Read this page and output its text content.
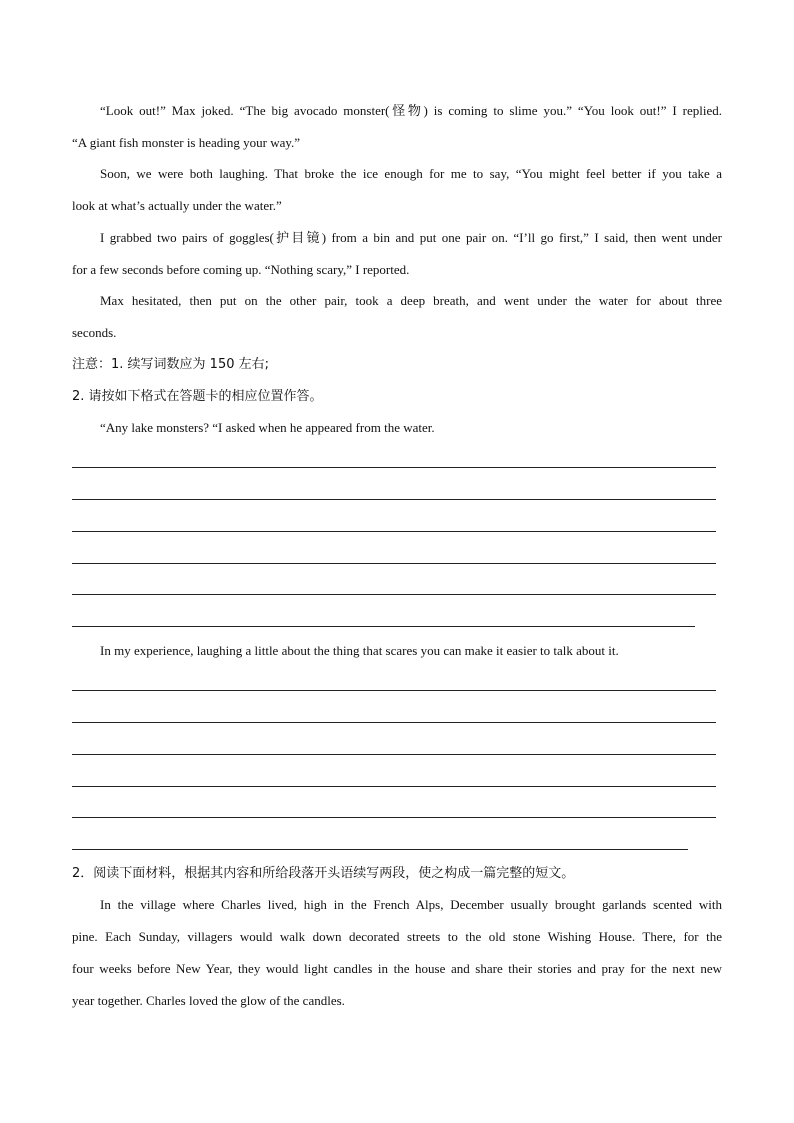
“Look out!” Max joked. “The big avocado monster(怪物) is coming to slime you.” “You look out!” I replied.
“A giant fish monster is heading your way.”

Soon, we were both laughing. That broke the ice enough for me to say, “You might feel better if you take a
look at what’s actually under the water.”

I grabbed two pairs of goggles(护目镜) from a bin and put one pair on. “I’ll go first,” I said, then went under
for a few seconds before coming up. “Nothing scary,” I reported.

Max hesitated, then put on the other pair, took a deep breath, and went under the water for about three
seconds.

注意：1. 续写词数应为 150 左右;

2. 请按如下格式在答题卡的相应位置作答。

“Any lake monsters? “I asked when he appeared from the water.

In my experience, laughing a little about the thing that scares you can make it easier to talk about it.

2．阅读下面材料，根据其内容和所给段落开头语续写两段，使之构成一篇完整的短文。

In the village where Charles lived, high in the French Alps, December usually brought garlands scented with
pine. Each Sunday, villagers would walk down decorated streets to the old stone Wishing House. There, for the
four weeks before New Year, they would light candles in the house and share their stories and pray for the next new
year together. Charles loved the glow of the candles.
